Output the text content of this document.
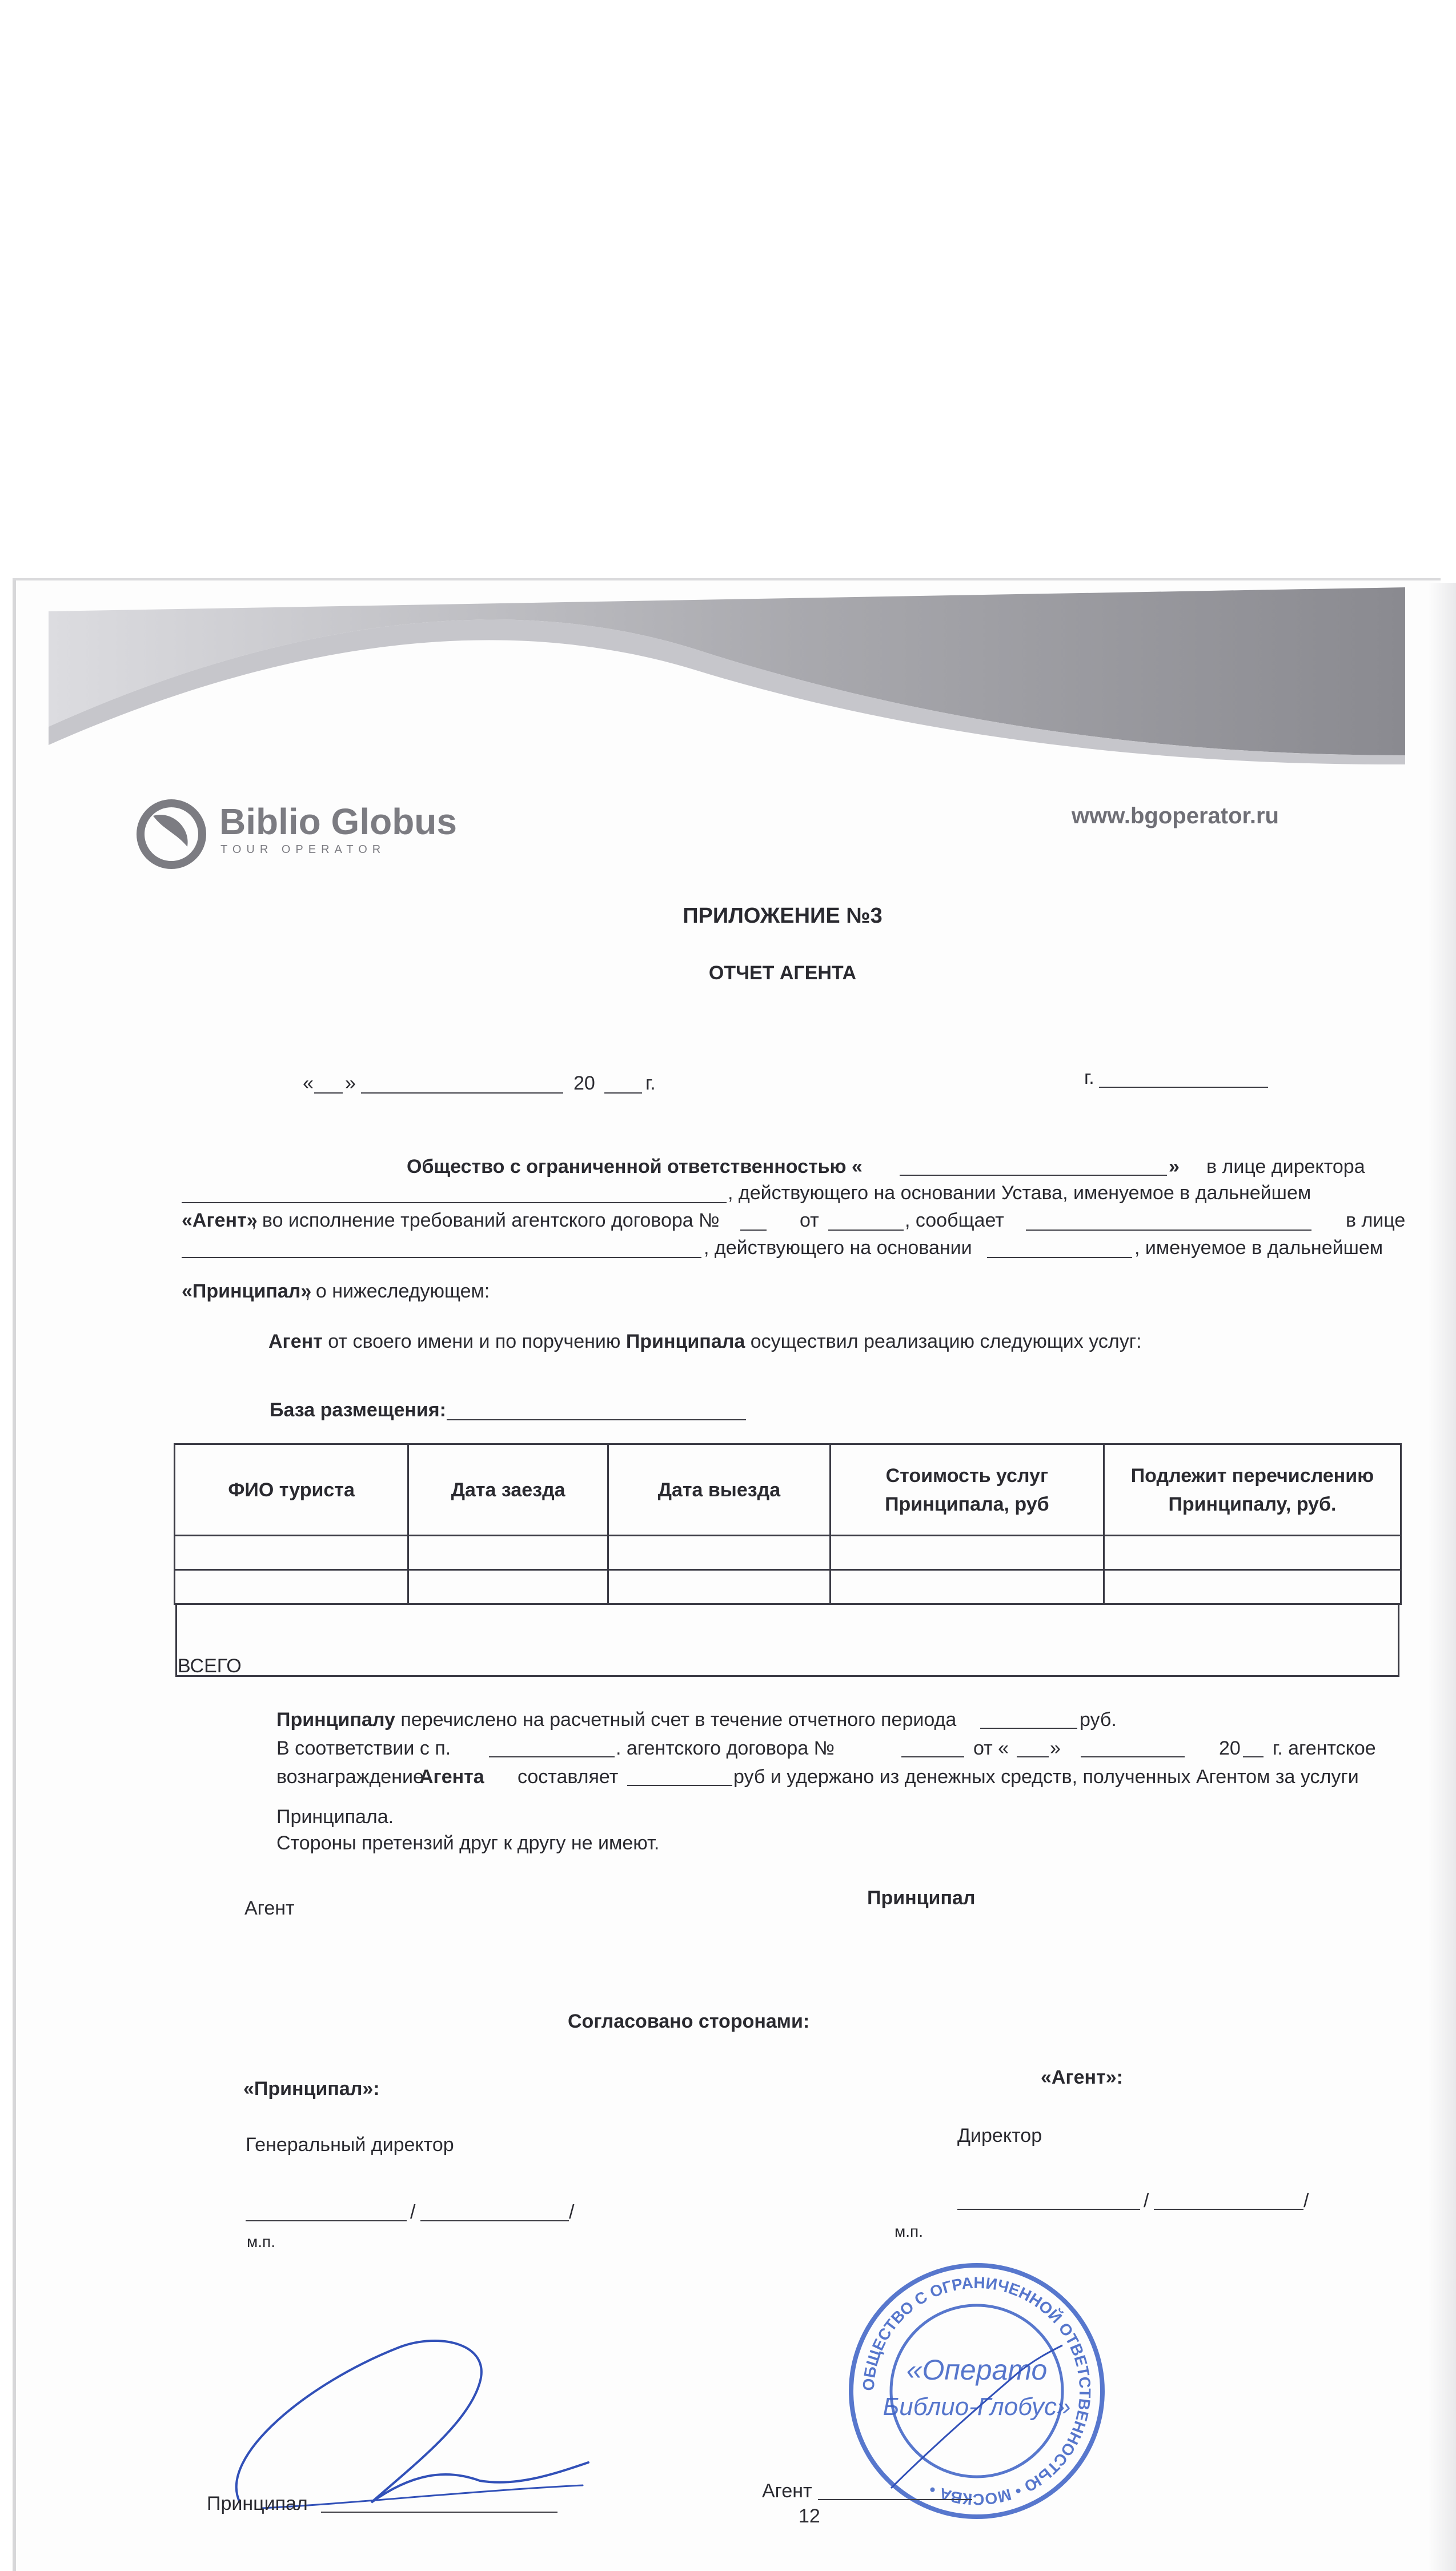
Biblio Globus
TOUR OPERATOR
www.bgoperator.ru
ПРИЛОЖЕНИЕ №3
ОТЧЕТ АГЕНТА
« »	20	г.	г.
Общество с ограниченной ответственностью «	» в лице директора
, действующего на основании Устава, именуемое в дальнейшем
«Агент»
, во исполнение требований агентского договора №	от	, сообщает	в лице
, действующего на основании	, именуемое в дальнейшем
«Принципал»
, о нижеследующем:
Агент от своего имени и по поручению Принципала осуществил реализацию следующих услуг:
База размещения:
ФИО туриста	Дата заезда	Дата выезда	Стоимость услуг Принципала, руб	Подлежит перечислению Принципалу, руб.

ВСЕГО
Принципалу перечислено на расчетный счет в течение отчетного периода	руб.
В соответствии с п.	. агентского договора №	от « »	20 г. агентское
вознаграждение
Агента составляет	руб и удержано из денежных средств, полученных Агентом за услуги
Принципала.
Стороны претензий друг к другу не имеют.
Агент	Принципал
Согласовано сторонами:
«Принципал»:
«Агент»:
Генеральный директор	Директор
/	/
/	/
м.п.
м.п.
ОБЩЕСТВО С ОГРАНИЧЕННОЙ ОТВЕТСТВЕННОСТЬЮ • МОСКВА •
«Операто
Библио-Глобус»
Принципал
Агент
12
